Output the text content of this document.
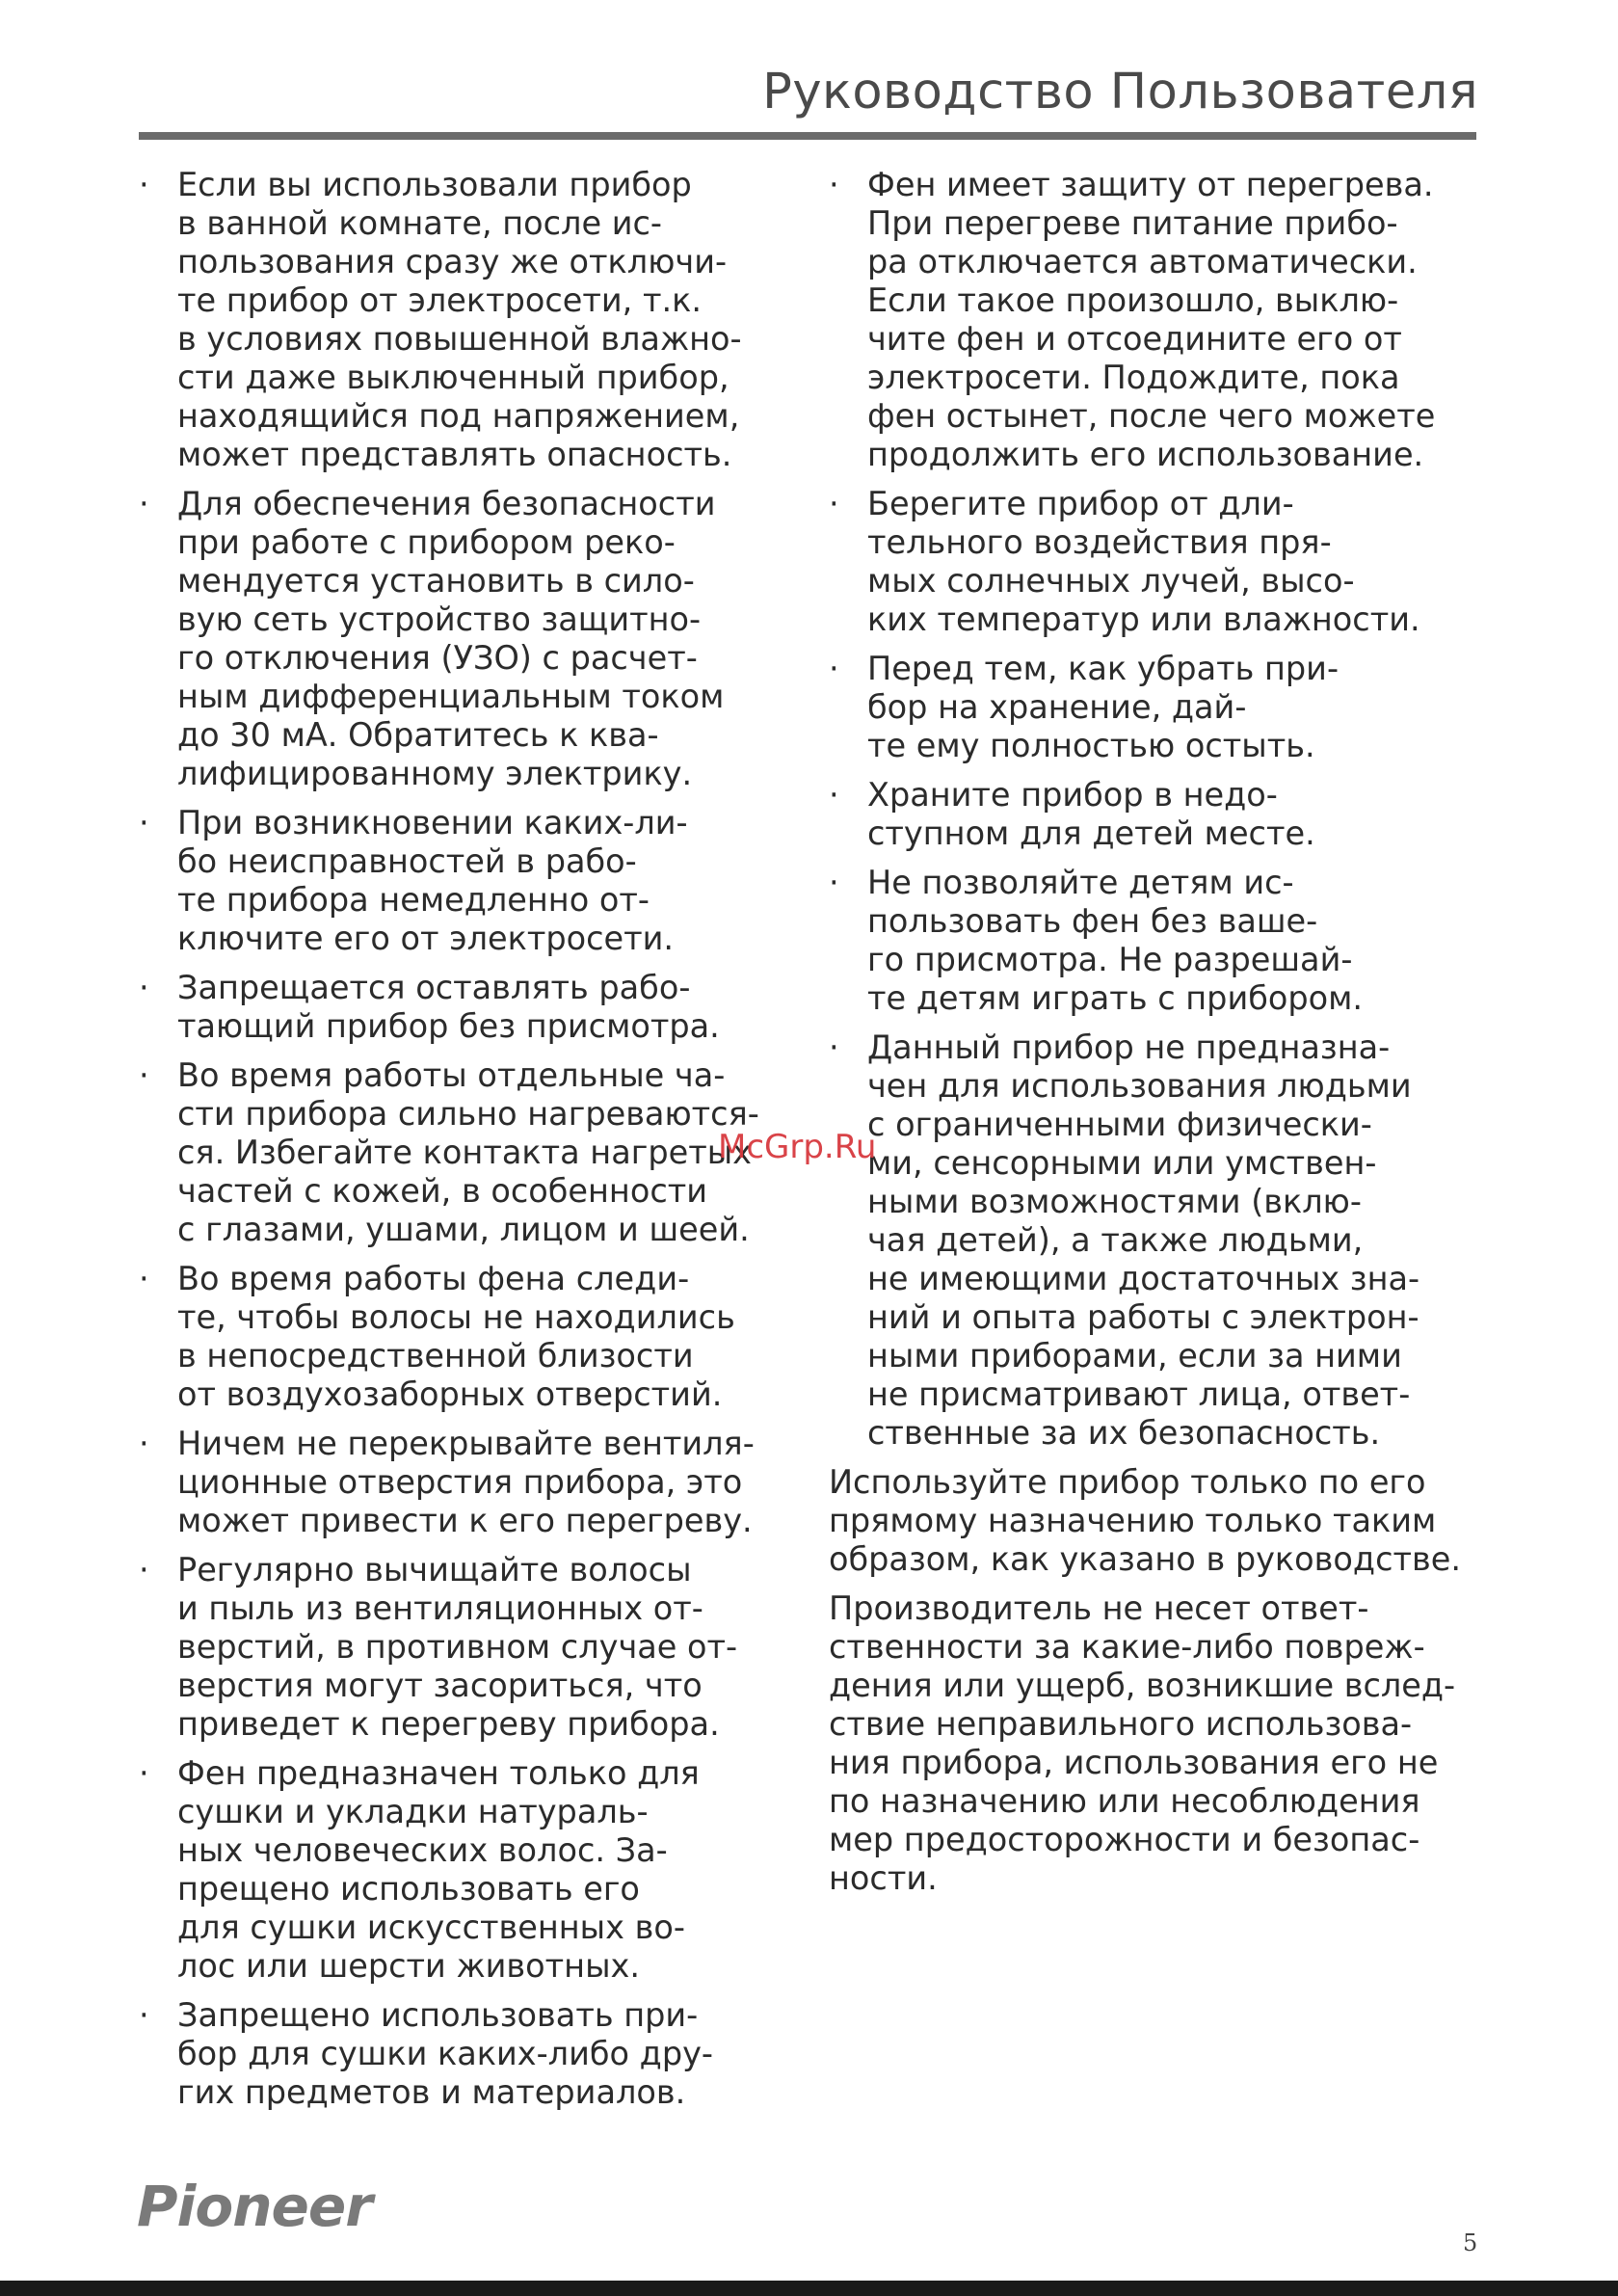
Руководство Пользователя
· Если вы использовали прибор
в ванной комнате, после ис-
пользования сразу же отключи-
те прибор от электросети, т.к.
в условиях повышенной влажно-
сти даже выключенный прибор,
находящийся под напряжением,
может представлять опасность.
· Для обеспечения безопасности
при работе с прибором реко-
мендуется установить в сило-
вую сеть устройство защитно-
го отключения (УЗО) с расчет-
ным дифференциальным током
до 30 мА. Обратитесь к ква-
лифицированному электрику.
· При возникновении каких-ли-
бо неисправностей в рабо-
те прибора немедленно от-
ключите его от электросети.
· Запрещается оставлять рабо-
тающий прибор без присмотра.
· Во время работы отдельные ча-
сти прибора сильно нагреваются-
ся. Избегайте контакта нагретых
частей с кожей, в особенности
с глазами, ушами, лицом и шеей.
· Во время работы фена следи-
те, чтобы волосы не находились
в непосредственной близости
от воздухозаборных отверстий.
· Ничем не перекрывайте вентиля-
ционные отверстия прибора, это
может привести к его перегреву.
· Регулярно вычищайте волосы
и пыль из вентиляционных от-
верстий, в противном случае от-
верстия могут засориться, что
приведет к перегреву прибора.
· Фен предназначен только для
сушки и укладки натураль-
ных человеческих волос. За-
прещено использовать его
для сушки искусственных во-
лос или шерсти животных.
· Запрещено использовать при-
бор для сушки каких-либо дру-
гих предметов и материалов.
· Фен имеет защиту от перегрева.
При перегреве питание прибо-
ра отключается автоматически.
Если такое произошло, выклю-
чите фен и отсоедините его от
электросети. Подождите, пока
фен остынет, после чего можете
продолжить его использование.
· Берегите прибор от дли-
тельного воздействия пря-
мых солнечных лучей, высо-
ких температур или влажности.
· Перед тем, как убрать при-
бор на хранение, дай-
те ему полностью остыть.
· Храните прибор в недо-
ступном для детей месте.
· Не позволяйте детям ис-
пользовать фен без ваше-
го присмотра. Не разрешай-
те детям играть с прибором.
· Данный прибор не предназна-
чен для использования людьми
с ограниченными физически-
ми, сенсорными или умствен-
ными возможностями (вклю-
чая детей), а также людьми,
не имеющими достаточных зна-
ний и опыта работы с электрон-
ными приборами, если за ними
не присматривают лица, ответ-
ственные за их безопасность.
Используйте прибор только по его
прямому назначению только таким
образом, как указано в руководстве.
Производитель не несет ответ-
ственности за какие-либо повреж-
дения или ущерб, возникшие вслед-
ствие неправильного использова-
ния прибора, использования его не
по назначению или несоблюдения
мер предосторожности и безопас-
ности.
McGrp.Ru
Pioneer
5
